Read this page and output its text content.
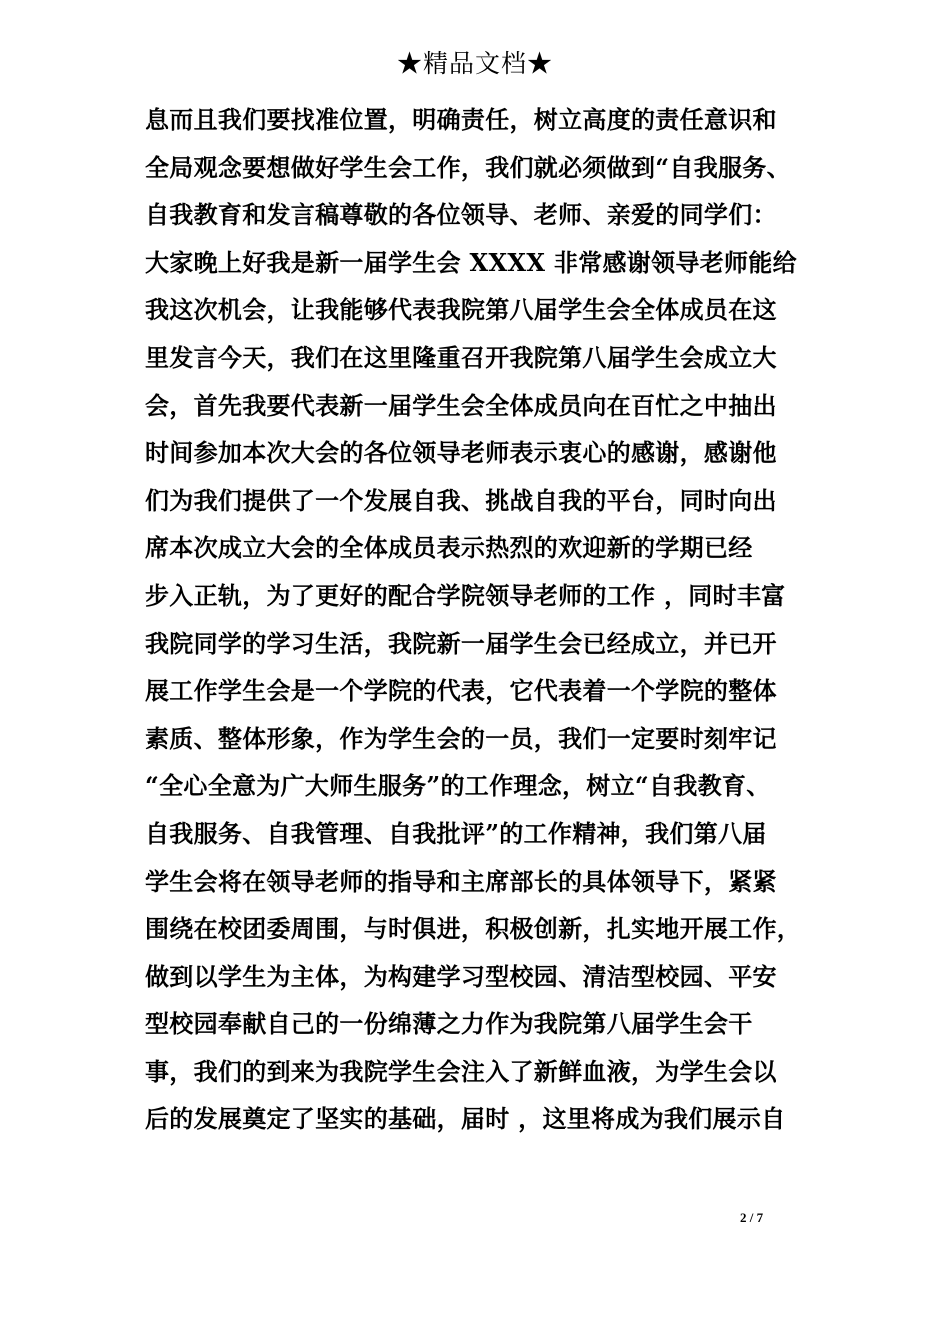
★精品文档★
息而且我们要找准位置，明确责任，树立高度的责任意识和
全局观念要想做好学生会工作，我们就必须做到“自我服务、
自我教育和发言稿尊敬的各位领导、老师、亲爱的同学们：
大家晚上好我是新一届学生会 XXXX 非常感谢领导老师能给
我这次机会，让我能够代表我院第八届学生会全体成员在这
里发言今天，我们在这里隆重召开我院第八届学生会成立大
会，首先我要代表新一届学生会全体成员向在百忙之中抽出
时间参加本次大会的各位领导老师表示衷心的感谢，感谢他
们为我们提供了一个发展自我、挑战自我的平台，同时向出
席本次成立大会的全体成员表示热烈的欢迎新的学期已经
步入正轨，为了更好的配合学院领导老师的工作 ，同时丰富
我院同学的学习生活，我院新一届学生会已经成立，并已开
展工作学生会是一个学院的代表，它代表着一个学院的整体
素质、整体形象，作为学生会的一员，我们一定要时刻牢记
“全心全意为广大师生服务”的工作理念，树立“自我教育、
自我服务、自我管理、自我批评”的工作精神，我们第八届
学生会将在领导老师的指导和主席部长的具体领导下，紧紧
围绕在校团委周围，与时俱进，积极创新，扎实地开展工作，
做到以学生为主体，为构建学习型校园、清洁型校园、平安
型校园奉献自己的一份绵薄之力作为我院第八届学生会干
事，我们的到来为我院学生会注入了新鲜血液，为学生会以
后的发展奠定了坚实的基础，届时 ，这里将成为我们展示自
2 / 7
